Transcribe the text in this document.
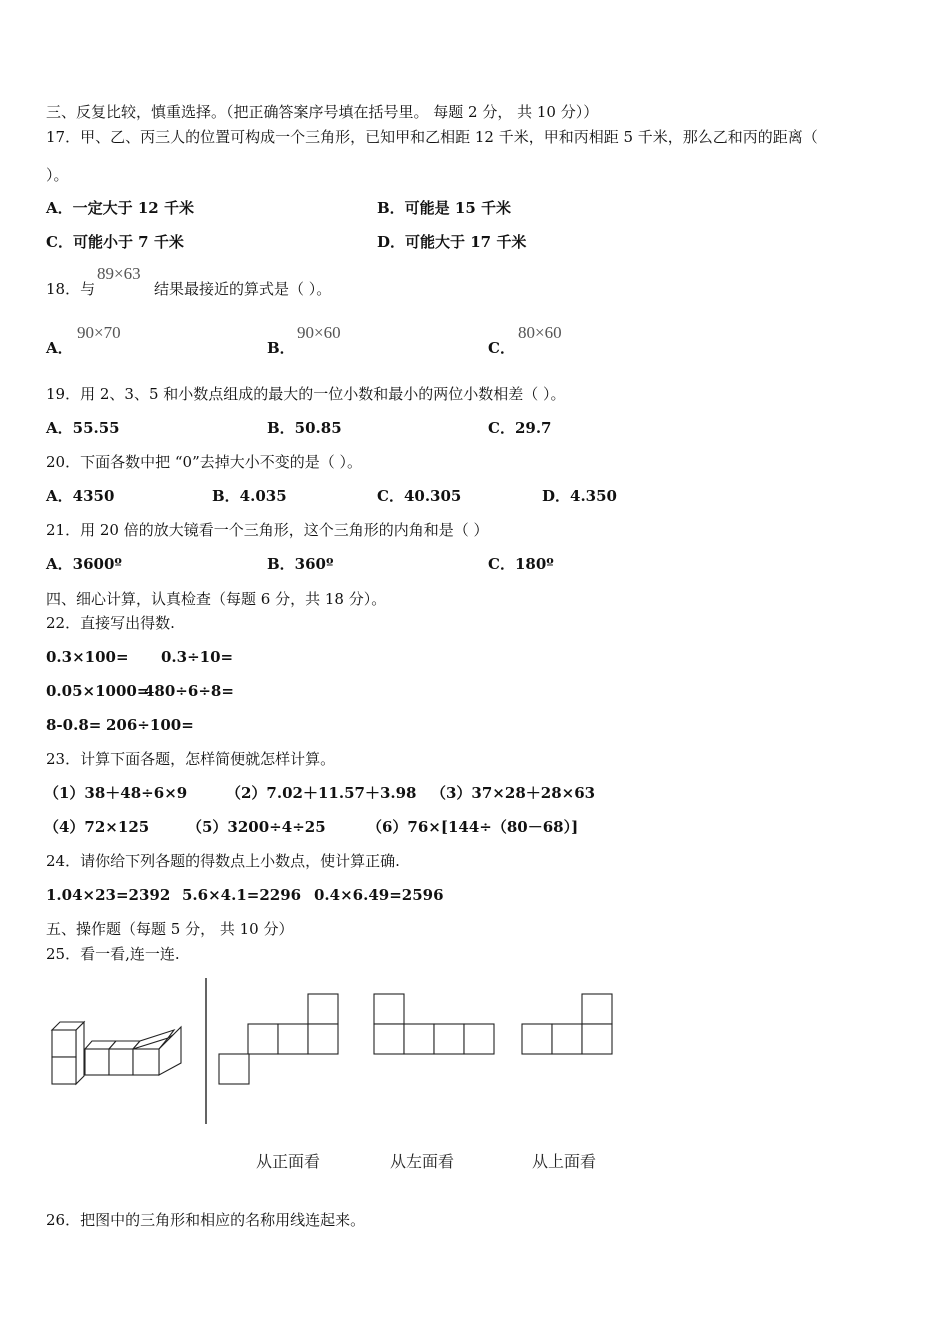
三、反复比较，慎重选择。（把正确答案序号填在括号里。 每题 2 分， 共 10 分））
17．甲、乙、丙三人的位置可构成一个三角形，已知甲和乙相距 12 千米，甲和丙相距 5 千米，那么乙和丙的距离（
）。
A．一定大于 12 千米	B．可能是 15 千米
C．可能小于 7 千米	D．可能大于 17 千米
18．与
89×63
结果最接近的算式是（ ）。
A．
90×70
B．
90×60
C．
80×60
19．用 2、3、5 和小数点组成的最大的一位小数和最小的两位小数相差（ ）。
A．55.55	B．50.85	C．29.7
20．下面各数中把 “0”去掉大小不变的是（ ）。
A．4350	B．4.035	C．40.305	D．4.350
21．用 20 倍的放大镜看一个三角形，这个三角形的内角和是（ ）
A．3600º	B．360º	C．180º
四、细心计算，认真检查（每题 6 分，共 18 分）。
22．直接写出得数.
0.3×100= 0.3÷10=
0.05×1000=
480÷6÷8=
8-0.8= 206÷100=
23．计算下面各题，怎样简便就怎样计算。
（1）38＋48÷6×9	（2）7.02＋11.57＋3.98 （3）37×28＋28×63
（4）72×125	（5）3200÷4÷25	（6）76×[144÷（80－68）]
24．请你给下列各题的得数点上小数点，使计算正确.
1.04×23=2392 5.6×4.1=2296 0.4×6.49=2596
五、操作题（每题 5 分， 共 10 分）
25．看一看,连一连.
从正面看	从左面看	从上面看
26．把图中的三角形和相应的名称用线连起来。
